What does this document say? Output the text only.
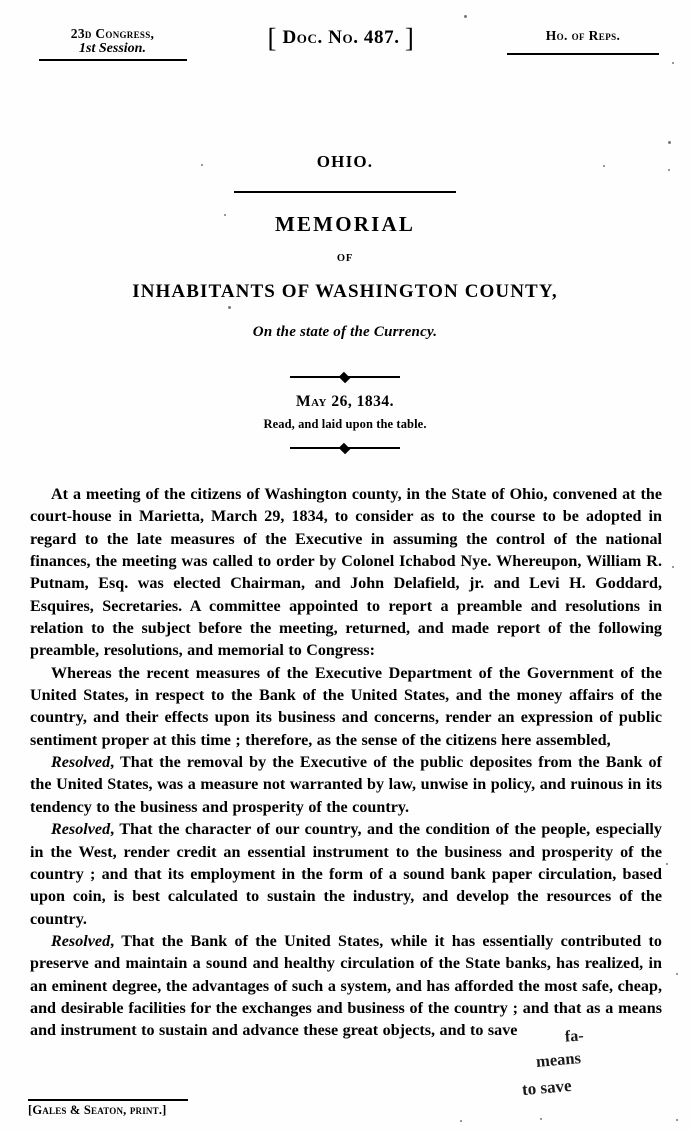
23d Congress,
1st Session.	[ Doc. No. 487. ]	Ho. of Reps.
OHIO.
MEMORIAL
OF
INHABITANTS OF WASHINGTON COUNTY,
On the state of the Currency.
May 26, 1834.
Read, and laid upon the table.

At a meeting of the citizens of Washington county, in the State of Ohio, convened at the court-house in Marietta, March 29, 1834, to consider as to the course to be adopted in regard to the late measures of the Executive in assuming the control of the national finances, the meeting was called to order by Colonel Ichabod Nye. Whereupon, William R. Putnam, Esq. was elected Chairman, and John Delafield, jr. and Levi H. Goddard, Esquires, Secretaries. A committee appointed to report a preamble and resolutions in relation to the subject before the meeting, returned, and made report of the following preamble, resolutions, and memorial to Congress:

Whereas the recent measures of the Executive Department of the Government of the United States, in respect to the Bank of the United States, and the money affairs of the country, and their effects upon its business and concerns, render an expression of public sentiment proper at this time ; therefore, as the sense of the citizens here assembled,

Resolved, That the removal by the Executive of the public deposites from the Bank of the United States, was a measure not warranted by law, unwise in policy, and ruinous in its tendency to the business and prosperity of the country.

Resolved, That the character of our country, and the condition of the people, especially in the West, render credit an essential instrument to the business and prosperity of the country ; and that its employment in the form of a sound bank paper circulation, based upon coin, is best calculated to sustain the industry, and develop the resources of the country.

Resolved, That the Bank of the United States, while it has essentially contributed to preserve and maintain a sound and healthy circulation of the State banks, has realized, in an eminent degree, the advantages of such a system, and has afforded the most safe, cheap, and desirable facilities for the exchanges and business of the country ; and that as a means and instrument to sustain and advance these great objects, and to save	fa-
means
to save
[Gales & Seaton, print.]
